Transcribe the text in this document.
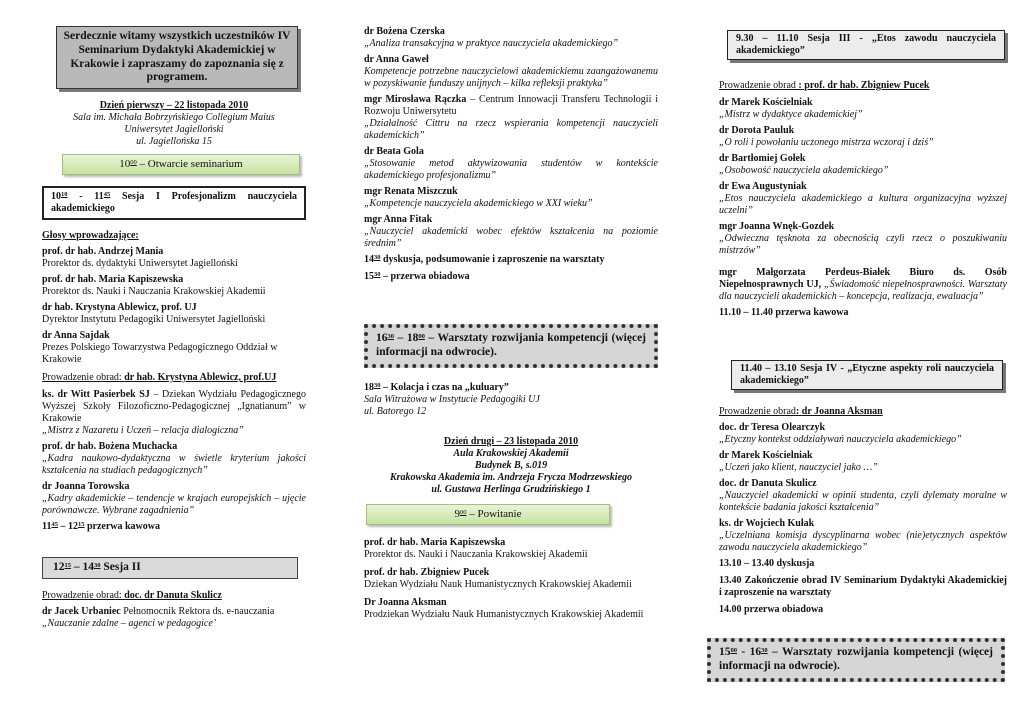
Serdecznie witamy wszystkich uczestników IV Seminarium Dydaktyki Akademickiej w Krakowie i zapraszamy do zapoznania się z programem.
Dzień pierwszy – 22 listopada 2010
Sala im. Michała Bobrzyńskiego Collegium Maius
Uniwersytet Jagielloński
ul. Jagiellońska 15
$10^{00}$ – Otwarcie seminarium
$10^{10} - 11^{45}$ Sesja I Profesjonalizm nauczyciela akademickiego
Głosy wprowadzające:
prof. dr hab. Andrzej Mania
Prorektor ds. dydaktyki Uniwersytet Jagielloński
prof. dr hab. Maria Kapiszewska
Prorektor ds. Nauki i Nauczania Krakowskiej Akademii
dr hab. Krystyna Ablewicz, prof. UJ
Dyrektor Instytutu Pedagogiki Uniwersytet Jagielloński
dr Anna Sajdak
Prezes Polskiego Towarzystwa Pedagogicznego Oddział w Krakowie
Prowadzenie obrad: dr hab. Krystyna Ablewicz, prof.UJ
ks. dr Witt Pasierbek SJ – Dziekan Wydziału Pedagogicznego Wyższej Szkoły Filozoficzno-Pedagogicznej „Ignatianum” w Krakowie
„Mistrz z Nazaretu i Uczeń – relacja dialogiczna”
prof. dr hab. Bożena Muchacka
„Kadra naukowo-dydaktyczna w świetle kryterium jakości kształcenia na studiach pedagogicznych”
dr Joanna Torowska
„Kadry akademickie – tendencje w krajach europejskich – ujęcie porównawcze. Wybrane zagadnienia”
$11^{45} - 12^{15}$ przerwa kawowa
$12^{15} - 14^{30}$ Sesja II
Prowadzenie obrad: doc. dr Danuta Skulicz
dr Jacek Urbaniec Pełnomocnik Rektora ds. e-nauczania
„Nauczanie zdalne – agenci w pedagogice’
dr Bożena Czerska
„Analiza transakcyjna w praktyce nauczyciela akademickiego”
dr Anna Gaweł
Kompetencje potrzebne nauczycielowi akademickiemu zaangażowanemu w pozyskiwanie funduszy unijnych – kilka refleksji praktyka”
mgr Mirosława Rączka – Centrum Innowacji Transferu Technologii i Rozwoju Uniwersytetu
„Działalność Cittru na rzecz wspierania kompetencji nauczycieli akademickich”
dr Beata Gola
„Stosowanie metod aktywizowania studentów w kontekście akademickiego profesjonalizmu”
mgr Renata Miszczuk
„Kompetencje nauczyciela akademickiego w XXI wieku”
mgr Anna Fitak
„Nauczyciel akademicki wobec efektów kształcenia na poziomie średnim”
$14^{30}$ dyskusja, podsumowanie i zaproszenie na warsztaty
$15^{30}$ – przerwa obiadowa
$16^{30} - 18^{00}$ – Warsztaty rozwijania kompetencji (więcej informacji na odwrocie).
$18^{30}$ – Kolacja i czas na „kuluary”
Sala Witrażowa w Instytucie Pedagogiki UJ
ul. Batorego 12
Dzień drugi – 23 listopada 2010
Aula Krakowskiej Akademii
Budynek B, s.019
Krakowska Akademia im. Andrzeja Frycza Modrzewskiego
ul. Gustawa Herlinga Grudzińskiego 1
$9^{00}$ – Powitanie
prof. dr hab. Maria Kapiszewska
Prorektor ds. Nauki i Nauczania Krakowskiej Akademii
prof. dr hab. Zbigniew Pucek
Dziekan Wydziału Nauk Humanistycznych Krakowskiej Akademii
Dr Joanna Aksman
Prodziekan Wydziału Nauk Humanistycznych Krakowskiej Akademii
9.30 – 11.10 Sesja III - „Etos zawodu nauczyciela akademickiego”
Prowadzenie obrad : prof. dr hab. Zbigniew Pucek
dr Marek Kościelniak
„Mistrz w dydaktyce akademickiej”
dr Dorota Pauluk
„O roli i powołaniu uczonego mistrza wczoraj i dziś”
dr Bartłomiej Gołek
„Osobowość nauczyciela akademickiego”
dr Ewa Augustyniak
„Etos nauczyciela akademickiego a kultura organizacyjna wyższej uczelni”
mgr Joanna Wnęk-Gozdek
„Odwieczna tęsknota za obecnością czyli rzecz o poszukiwaniu mistrzów”
mgr Małgorzata Perdeus-Białek Biuro ds. Osób Niepełnosprawnych UJ, „Świadomość niepełnosprawności. Warsztaty dla nauczycieli akademickich – koncepcja, realizacja, ewaluacja”
11.10 – 11.40 przerwa kawowa
11.40 – 13.10 Sesja IV - „Etyczne aspekty roli nauczyciela akademickiego”
Prowadzenie obrad: dr Joanna Aksman
doc. dr Teresa Olearczyk
„Etyczny kontekst oddziaływań nauczyciela akademickiego”
dr Marek Kościelniak
„Uczeń jako klient, nauczyciel jako …”
doc. dr Danuta Skulicz
„Nauczyciel akademicki w opinii studenta, czyli dylematy moralne w kontekście badania jakości kształcenia”
ks. dr Wojciech Kułak
„Uczelniana komisja dyscyplinarna wobec (nie)etycznych aspektów zawodu nauczyciela akademickiego”
13.10 – 13.40 dyskusja
13.40 Zakończenie obrad IV Seminarium Dydaktyki Akademickiej i zaproszenie na warsztaty
14.00 przerwa obiadowa
$15^{00} - 16^{30}$ – Warsztaty rozwijania kompetencji (więcej informacji na odwrocie).
